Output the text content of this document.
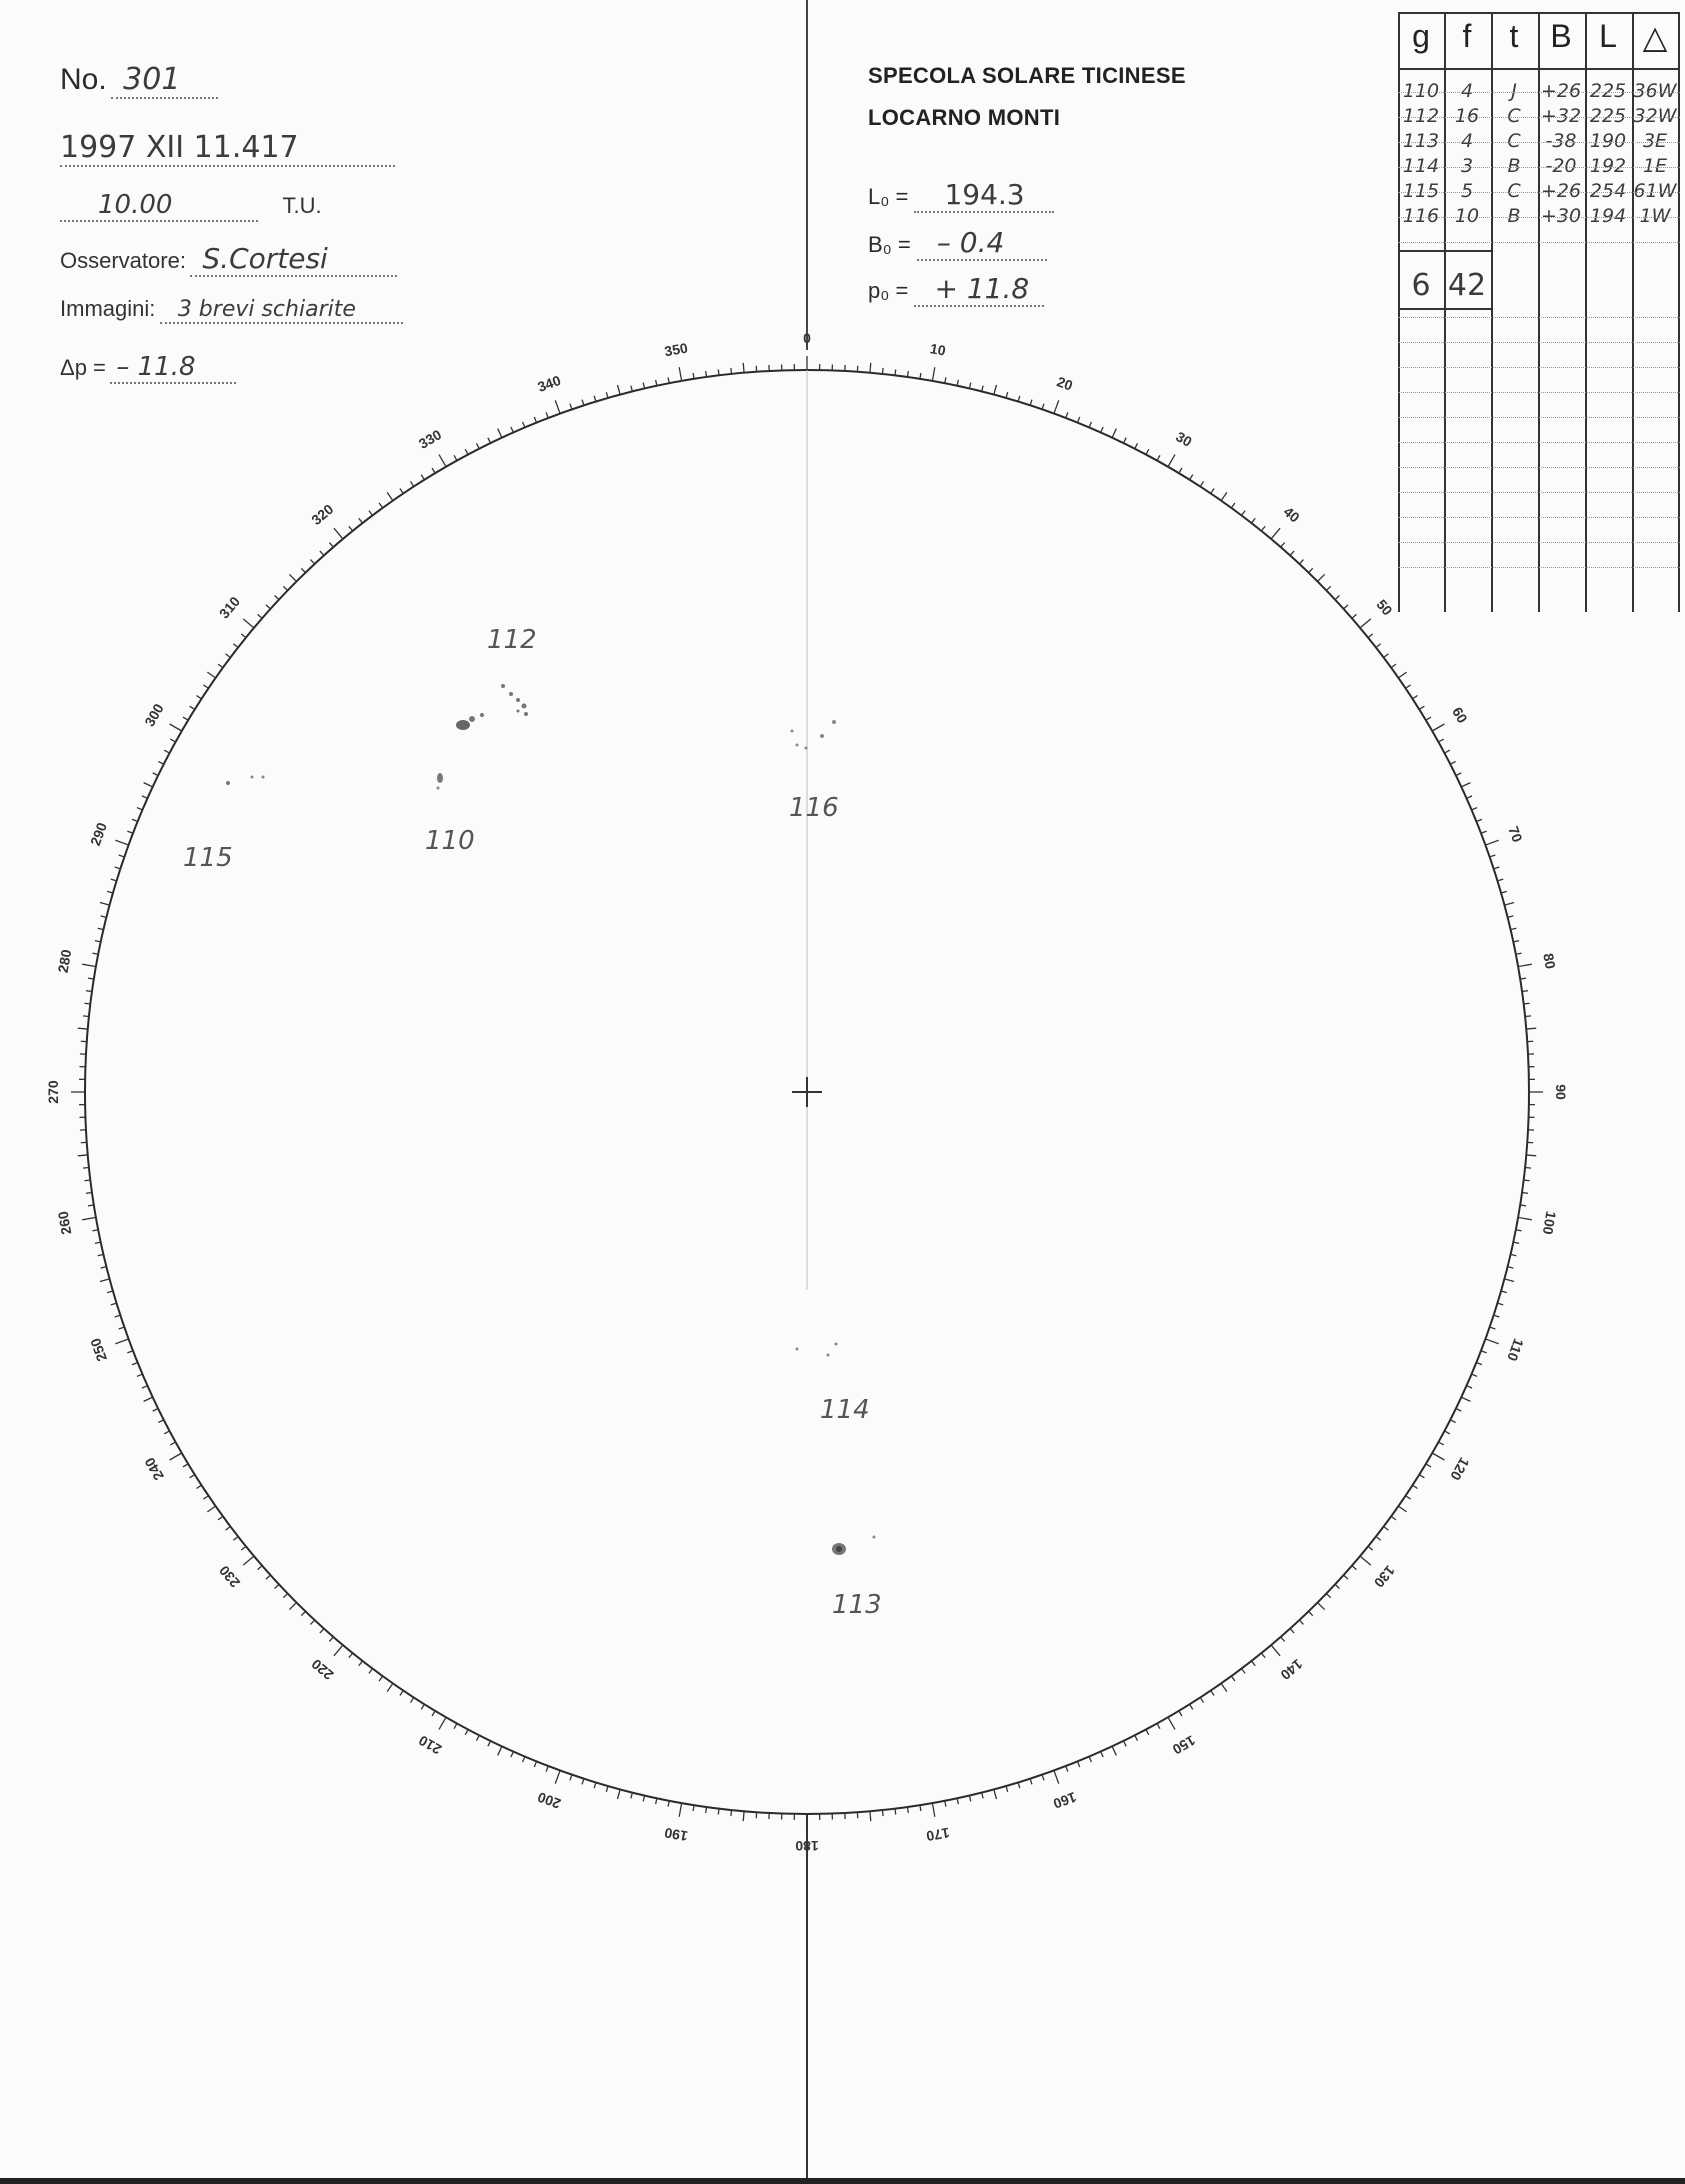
No. 301
1997 XII 11.417
10.00	T.U.
Osservatore: S.Cortesi
Immagini: 3 brevi schiarite
Δp = – 11.8
SPECOLA SOLARE TICINESE
LOCARNO MONTI
L₀ = 194.3
B₀ = – 0.4
p₀ = + 11.8
g	f	t B L △
110	4	J	+26 225 36W
112 16	C	+32 225 32W
113	4	C	-38 190 3E
114	3	B	-20 192 1E
115	5	C	+26 254 61W
116 10	B	+30 194 1W
6 42
0
10
20
30
40
50
60
70
80
90
100
110
120
130
140
150
160
170
180
190
200
210
220
230
240
250
260
270
280
290
300
310
320
330
340
350
112
110
115
116
114
113
